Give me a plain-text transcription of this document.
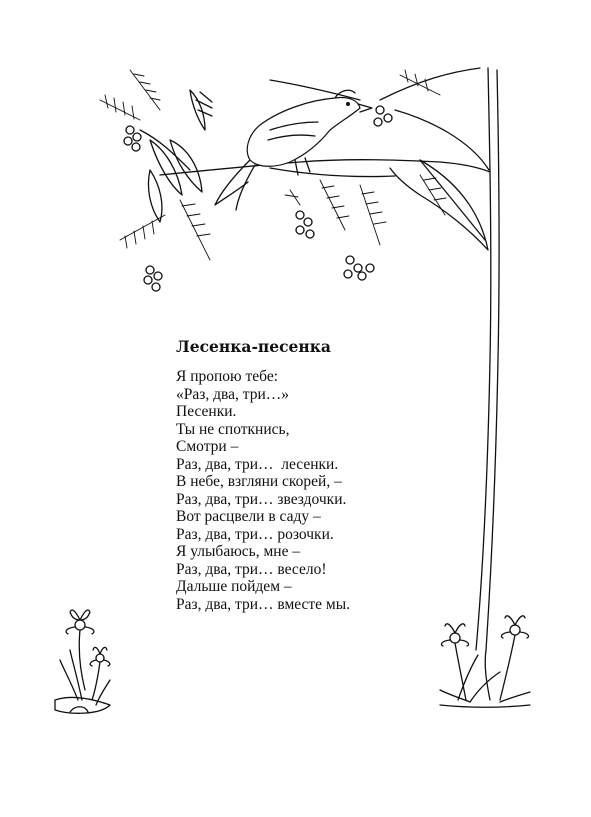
Лесенка-песенка
Я пропою тебе:
«Раз, два, три…»
Песенки.
Ты не споткнись,
Смотри –
Раз, два, три…  лесенки.
В небе, взгляни скорей, –
Раз, два, три… звездочки.
Вот расцвели в саду –
Раз, два, три… розочки.
Я улыбаюсь, мне –
Раз, два, три… весело!
Дальше пойдем –
Раз, два, три… вместе мы.
